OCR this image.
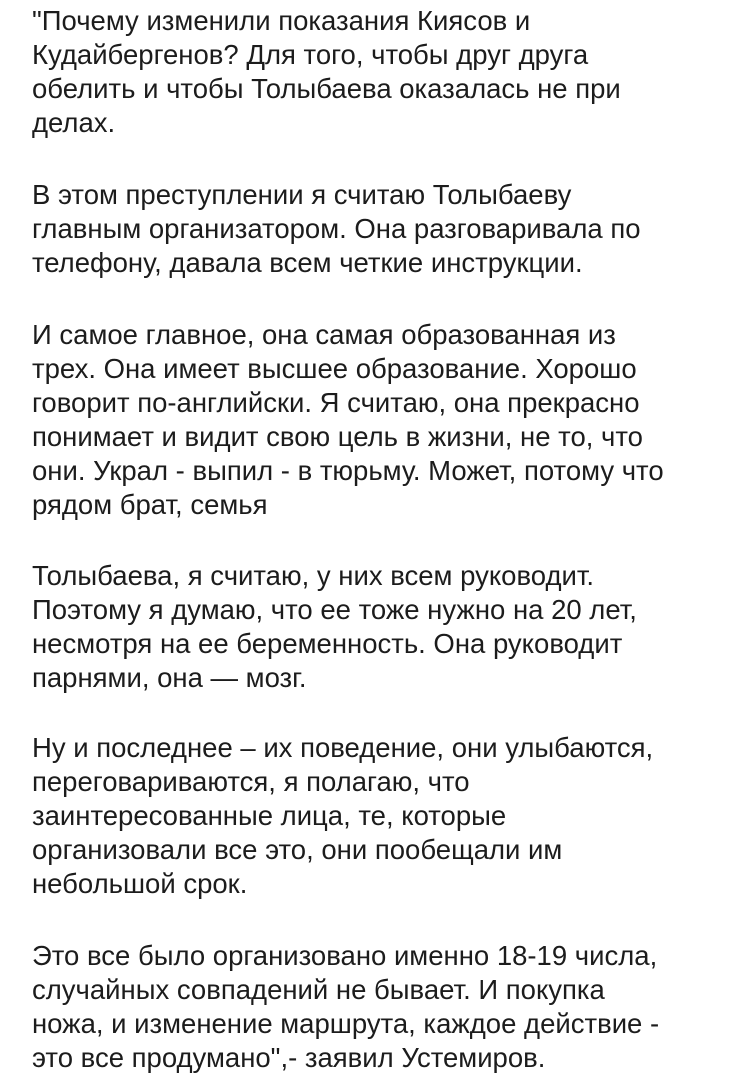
"Почему изменили показания Киясов и
Кудайбергенов? Для того, чтобы друг друга
обелить и чтобы Толыбаева оказалась не при
делах.

В этом преступлении я считаю Толыбаеву
главным организатором. Она разговаривала по
телефону, давала всем четкие инструкции.

И самое главное, она самая образованная из
трех. Она имеет высшее образование. Хорошо
говорит по-английски. Я считаю, она прекрасно
понимает и видит свою цель в жизни, не то, что
они. Украл - выпил - в тюрьму. Может, потому что
рядом брат, семья

Толыбаева, я считаю, у них всем руководит.
Поэтому я думаю, что ее тоже нужно на 20 лет,
несмотря на ее беременность. Она руководит
парнями, она — мозг.

Ну и последнее – их поведение, они улыбаются,
переговариваются, я полагаю, что
заинтересованные лица, те, которые
организовали все это, они пообещали им
небольшой срок.

Это все было организовано именно 18-19 числа,
случайных совпадений не бывает. И покупка
ножа, и изменение маршрута, каждое действие -
это все продумано",- заявил Устемиров.
